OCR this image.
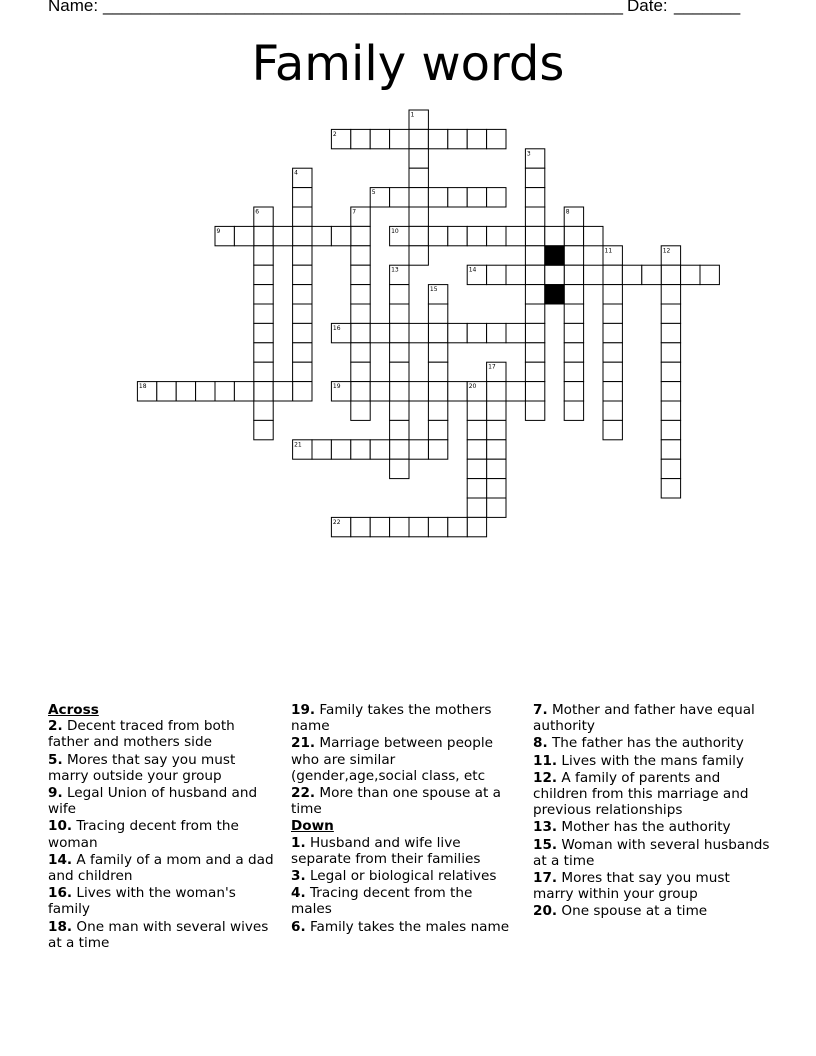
Name: _______________________________________________________ Date: _______
Family words
1
2
3
4
5
6	7	8
9	10
11	12
13	14
15
16
17
18	19	20
21
22
Across
2. Decent traced from both father and mothers side
5. Mores that say you must marry outside your group
9. Legal Union of husband and wife
10. Tracing decent from the woman
14. A family of a mom and a dad and children
16. Lives with the woman's family
18. One man with several wives at a time
19. Family takes the mothers name
21. Marriage between people who are similar (gender,age,social class, etc
22. More than one spouse at a time
Down
1. Husband and wife live separate from their families
3. Legal or biological relatives
4. Tracing decent from the males
6. Family takes the males name
7. Mother and father have equal authority
8. The father has the authority
11. Lives with the mans family
12. A family of parents and children from this marriage and previous relationships
13. Mother has the authority
15. Woman with several husbands at a time
17. Mores that say you must marry within your group
20. One spouse at a time
